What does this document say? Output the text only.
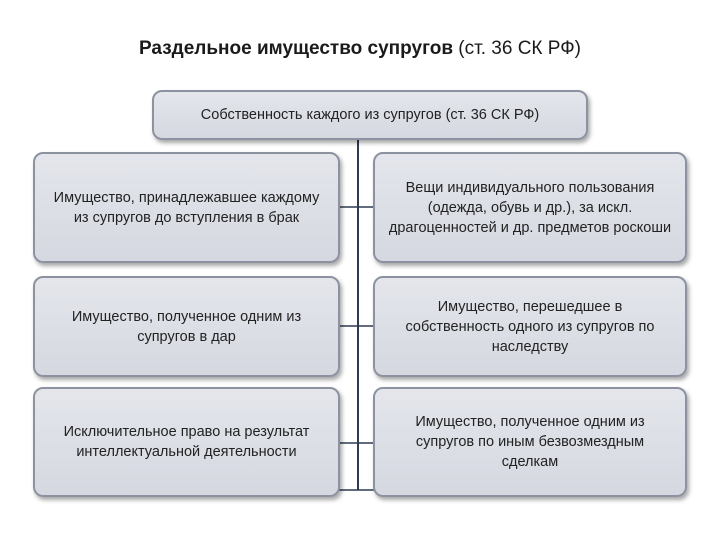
Раздельное имущество супругов (ст. 36 СК РФ)
Собственность каждого из супругов (ст. 36 СК РФ)
Имущество, принадлежавшее каждому из супругов до вступления в брак
Вещи индивидуального пользования (одежда, обувь и др.), за искл. драгоценностей и др. предметов роскоши
Имущество, полученное одним из супругов в дар
Имущество, перешедшее в собственность одного из супругов по наследству
Исключительное право на результат интеллектуальной деятельности
Имущество, полученное одним из супругов по иным безвозмездным сделкам
